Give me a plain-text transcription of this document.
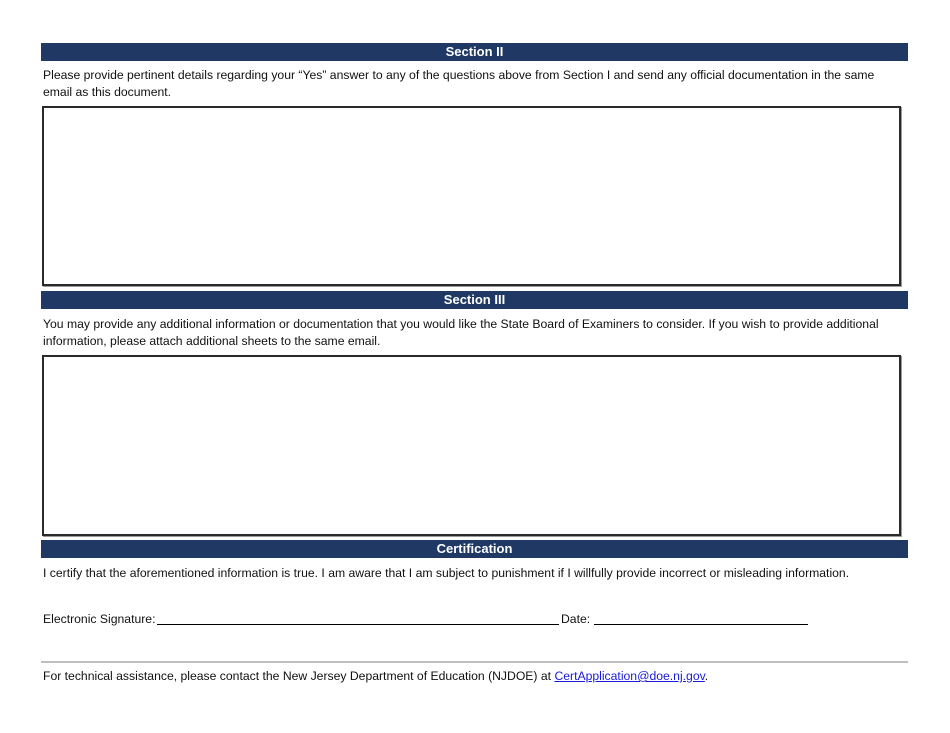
Section II
Please provide pertinent details regarding your “Yes” answer to any of the questions above from Section I and send any official documentation in the same email as this document.
Section III
You may provide any additional information or documentation that you would like the State Board of Examiners to consider. If you wish to provide additional information, please attach additional sheets to the same email.
Certification
I certify that the aforementioned information is true. I am aware that I am subject to punishment if I willfully provide incorrect or misleading information.
Electronic Signature:	Date:
For technical assistance, please contact the New Jersey Department of Education (NJDOE) at CertApplication@doe.nj.gov.
